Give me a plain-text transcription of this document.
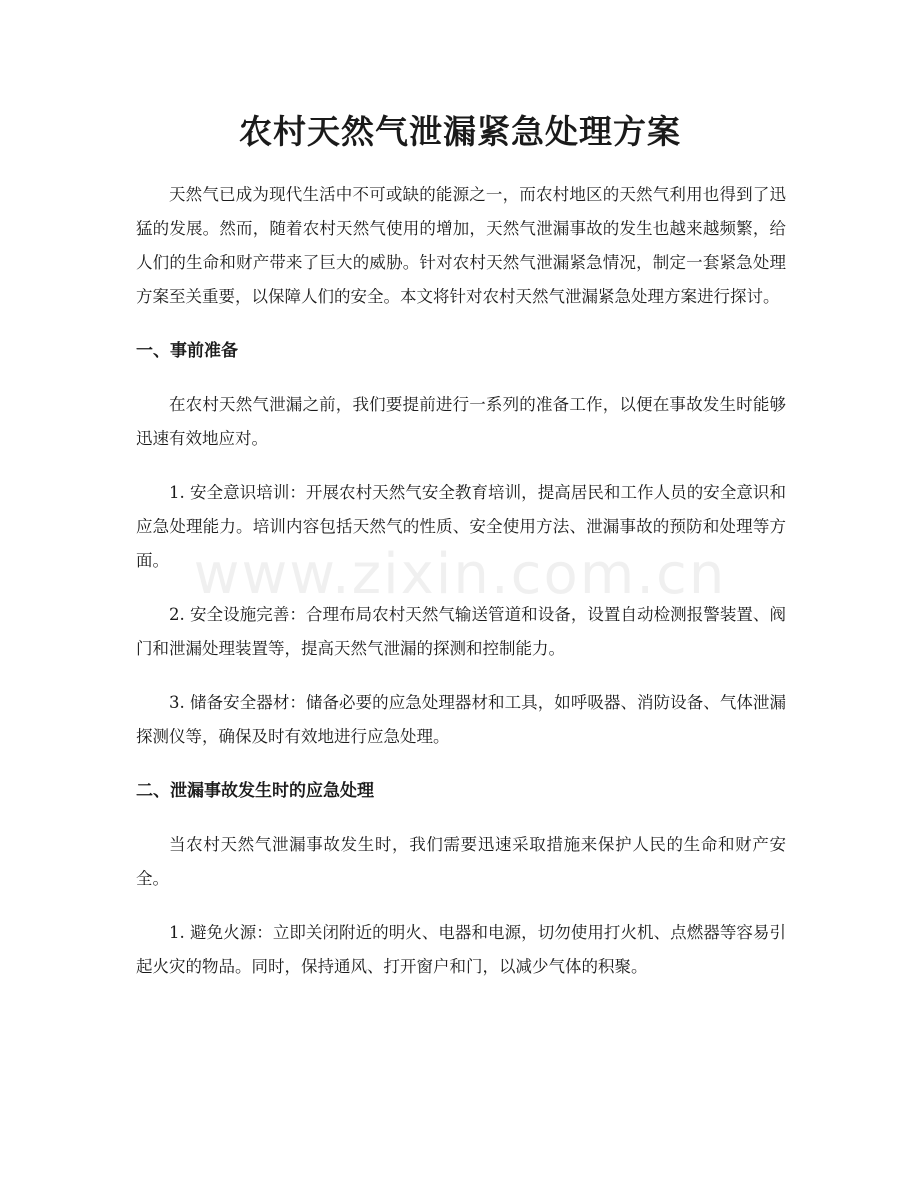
农村天然气泄漏紧急处理方案
www.zixin.com.cn

天然气已成为现代生活中不可或缺的能源之一，而农村地区的天然气利用也得到了迅猛的发展。然而，随着农村天然气使用的增加，天然气泄漏事故的发生也越来越频繁，给人们的生命和财产带来了巨大的威胁。针对农村天然气泄漏紧急情况，制定一套紧急处理方案至关重要，以保障人们的安全。本文将针对农村天然气泄漏紧急处理方案进行探讨。

一、事前准备

在农村天然气泄漏之前，我们要提前进行一系列的准备工作，以便在事故发生时能够迅速有效地应对。

1. 安全意识培训：开展农村天然气安全教育培训，提高居民和工作人员的安全意识和应急处理能力。培训内容包括天然气的性质、安全使用方法、泄漏事故的预防和处理等方面。

2. 安全设施完善：合理布局农村天然气输送管道和设备，设置自动检测报警装置、阀门和泄漏处理装置等，提高天然气泄漏的探测和控制能力。

3. 储备安全器材：储备必要的应急处理器材和工具，如呼吸器、消防设备、气体泄漏探测仪等，确保及时有效地进行应急处理。

二、泄漏事故发生时的应急处理

当农村天然气泄漏事故发生时，我们需要迅速采取措施来保护人民的生命和财产安全。

1. 避免火源：立即关闭附近的明火、电器和电源，切勿使用打火机、点燃器等容易引起火灾的物品。同时，保持通风、打开窗户和门，以减少气体的积聚。
